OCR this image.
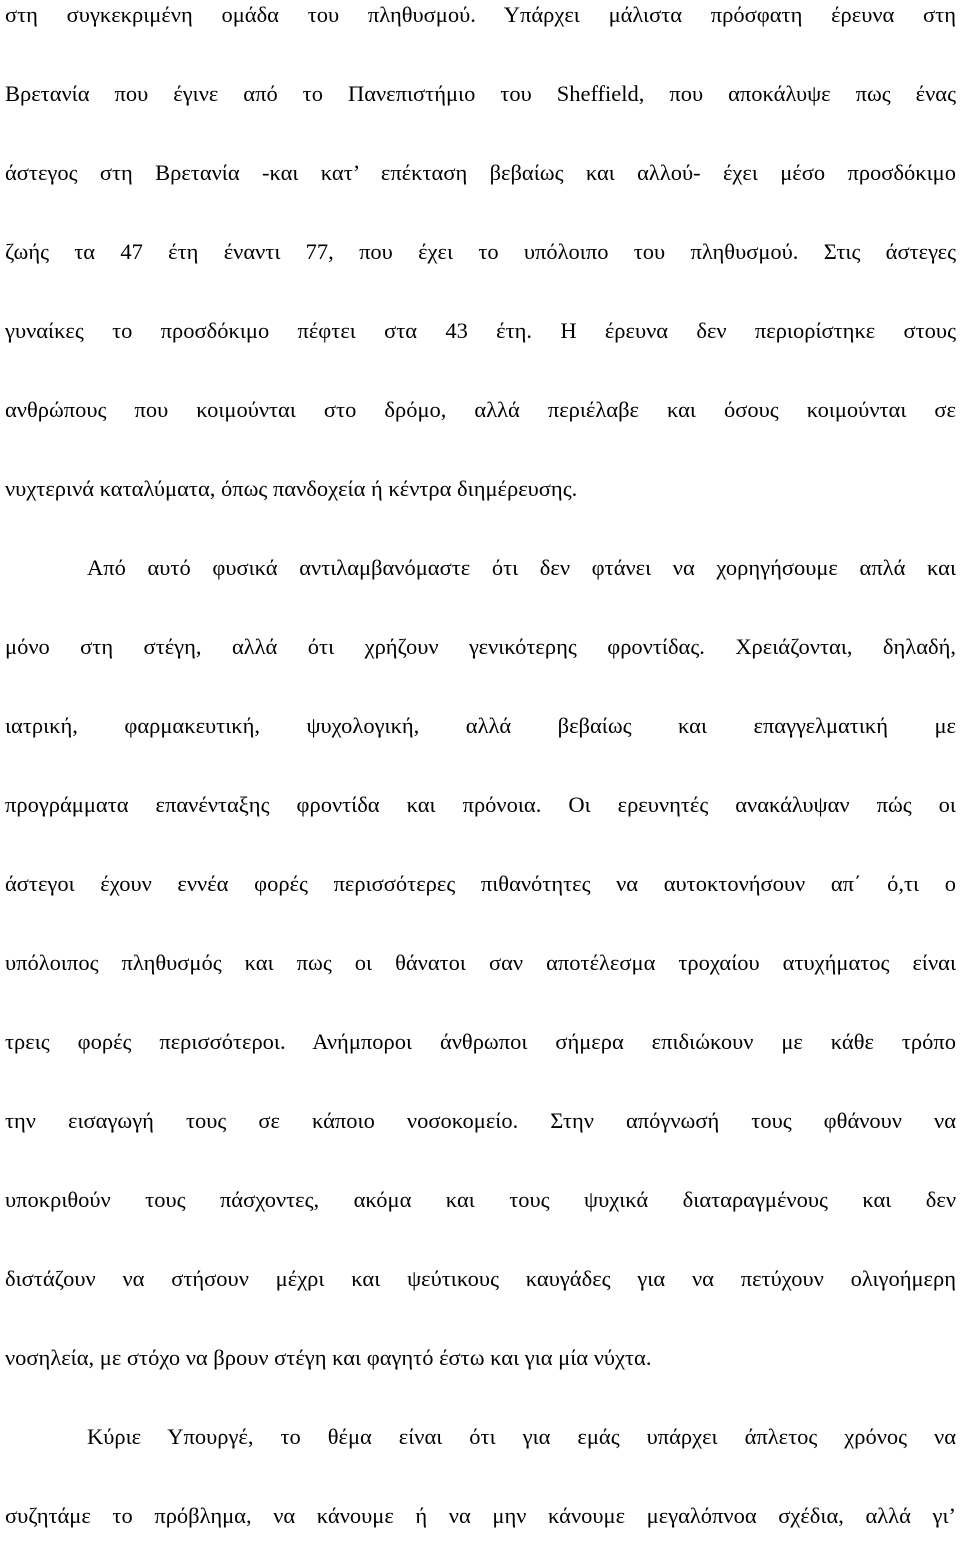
στη συγκεκριμένη ομάδα του πληθυσμού. Υπάρχει μάλιστα πρόσφατη έρευνα στη
Βρετανία που έγινε από το Πανεπιστήμιο του Sheffield, που αποκάλυψε πως ένας
άστεγος στη Βρετανία -και κατ’ επέκταση βεβαίως και αλλού- έχει μέσο προσδόκιμο
ζωής τα 47 έτη έναντι 77, που έχει το υπόλοιπο του πληθυσμού. Στις άστεγες
γυναίκες το προσδόκιμο πέφτει στα 43 έτη. Η έρευνα δεν περιορίστηκε στους
ανθρώπους που κοιμούνται στο δρόμο, αλλά περιέλαβε και όσους κοιμούνται σε
νυχτερινά καταλύματα, όπως πανδοχεία ή κέντρα διημέρευσης.
Από αυτό φυσικά αντιλαμβανόμαστε ότι δεν φτάνει να χορηγήσουμε απλά και
μόνο στη στέγη, αλλά ότι χρήζουν γενικότερης φροντίδας. Χρειάζονται, δηλαδή,
ιατρική, φαρμακευτική, ψυχολογική, αλλά βεβαίως και επαγγελματική με
προγράμματα επανένταξης φροντίδα και πρόνοια. Οι ερευνητές ανακάλυψαν πώς οι
άστεγοι έχουν εννέα φορές περισσότερες πιθανότητες να αυτοκτονήσουν απ΄ ό,τι ο
υπόλοιπος πληθυσμός και πως οι θάνατοι σαν αποτέλεσμα τροχαίου ατυχήματος είναι
τρεις φορές περισσότεροι. Ανήμποροι άνθρωποι σήμερα επιδιώκουν με κάθε τρόπο
την εισαγωγή τους σε κάποιο νοσοκομείο. Στην απόγνωσή τους φθάνουν να
υποκριθούν τους πάσχοντες, ακόμα και τους ψυχικά διαταραγμένους και δεν
διστάζουν να στήσουν μέχρι και ψεύτικους καυγάδες για να πετύχουν ολιγοήμερη
νοσηλεία, με στόχο να βρουν στέγη και φαγητό έστω και για μία νύχτα.
Κύριε Υπουργέ, το θέμα είναι ότι για εμάς υπάρχει άπλετος χρόνος να
συζητάμε το πρόβλημα, να κάνουμε ή να μην κάνουμε μεγαλόπνοα σχέδια, αλλά γι’
